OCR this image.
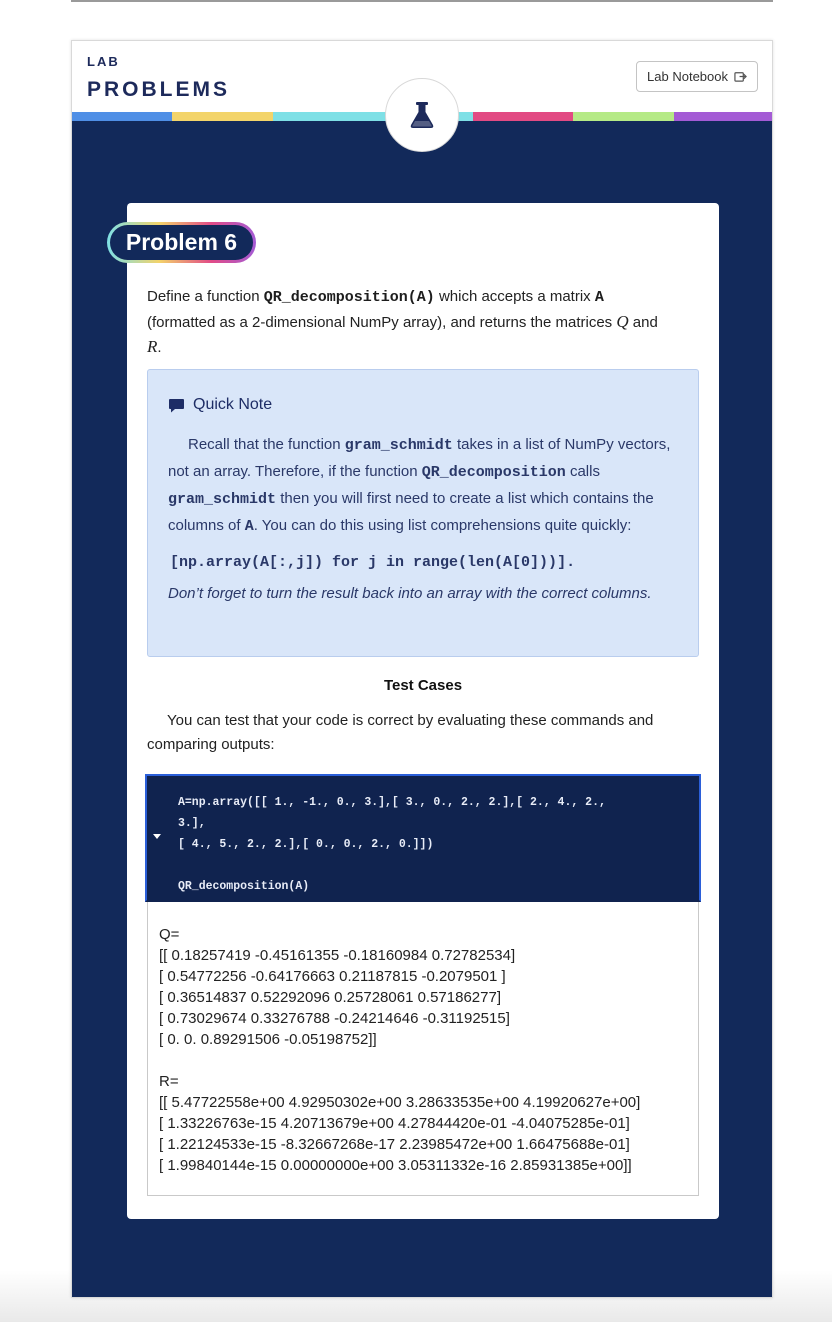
LAB
PROBLEMS
Lab Notebook
Problem 6
Define a function QR_decomposition(A) which accepts a matrix A
(formatted as a 2-dimensional NumPy array), and returns the matrices Q and
R.
Quick Note
Recall that the function gram_schmidt takes in a list of NumPy vectors, not an array. Therefore, if the function QR_decomposition calls gram_schmidt then you will first need to create a list which contains the columns of A. You can do this using list comprehensions quite quickly:
[np.array(A[:,j]) for j in range(len(A[0]))].
Don’t forget to turn the result back into an array with the correct columns.
Test Cases
You can test that your code is correct by evaluating these commands and comparing outputs:
A=np.array([[ 1., -1., 0., 3.],[ 3., 0., 2., 2.],[ 2., 4., 2.,
3.],
[ 4., 5., 2., 2.],[ 0., 0., 2., 0.]])
QR_decomposition(A)
Q=
[[ 0.18257419 -0.45161355 -0.18160984 0.72782534]
[ 0.54772256 -0.64176663 0.21187815 -0.2079501 ]
[ 0.36514837 0.52292096 0.25728061 0.57186277]
[ 0.73029674 0.33276788 -0.24214646 -0.31192515]
[ 0. 0. 0.89291506 -0.05198752]]
R=
[[ 5.47722558e+00 4.92950302e+00 3.28633535e+00 4.19920627e+00]
[ 1.33226763e-15 4.20713679e+00 4.27844420e-01 -4.04075285e-01]
[ 1.22124533e-15 -8.32667268e-17 2.23985472e+00 1.66475688e-01]
[ 1.99840144e-15 0.00000000e+00 3.05311332e-16 2.85931385e+00]]
